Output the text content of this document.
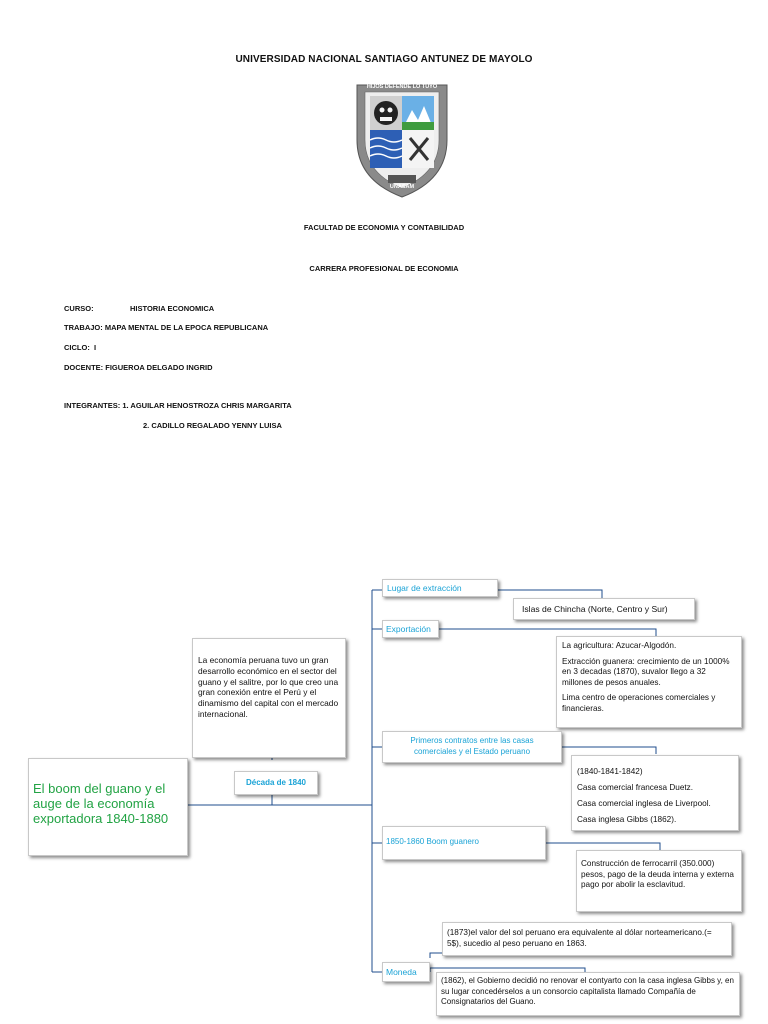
UNIVERSIDAD NACIONAL SANTIAGO ANTUNEZ DE MAYOLO
HIJOS DEFENDE LO TUYO
UNASAM
FACULTAD DE ECONOMIA Y CONTABILIDAD
CARRERA PROFESIONAL DE ECONOMIA
CURSO:	HISTORIA ECONOMICA
TRABAJO: MAPA MENTAL DE LA EPOCA REPUBLICANA
CICLO: I
DOCENTE: FIGUEROA DELGADO INGRID
INTEGRANTES: 1. AGUILAR HENOSTROZA CHRIS MARGARITA
2. CADILLO REGALADO YENNY LUISA
El boom del guano y el auge de la economía exportadora 1840-1880
La economía peruana tuvo un gran desarrollo económico en el sector del guano y el salitre, por lo que creo una gran conexión entre el Perú y el dinamismo del capital con el mercado internacional.
Década de 1840
Lugar de extracción
Islas de Chincha (Norte, Centro y Sur)
Exportación

La agricultura: Azucar-Algodón.

Extracción guanera: crecimiento de un 1000% en 3 decadas (1870), suvalor llego a 32 millones de pesos anuales.

Lima centro de operaciones comerciales y financieras.

Primeros contratos entre las casas comerciales y el Estado peruano

(1840-1841-1842)

Casa comercial francesa Duetz.

Casa comercial inglesa de Liverpool.

Casa inglesa Gibbs (1862).

1850-1860 Boom guanero
Construcción de ferrocarril (350.000) pesos, pago de la deuda interna y externa pago por abolir la esclavitud.
Moneda
(1873)el valor del sol peruano era equivalente al dólar norteamericano.(= 5$), sucedio al peso peruano en 1863.
(1862), el Gobierno decidió no renovar el contyarto con la casa inglesa Gibbs y, en su lugar concedérselos a un consorcio capitalista llamado Compañía de Consignatarios del Guano.
